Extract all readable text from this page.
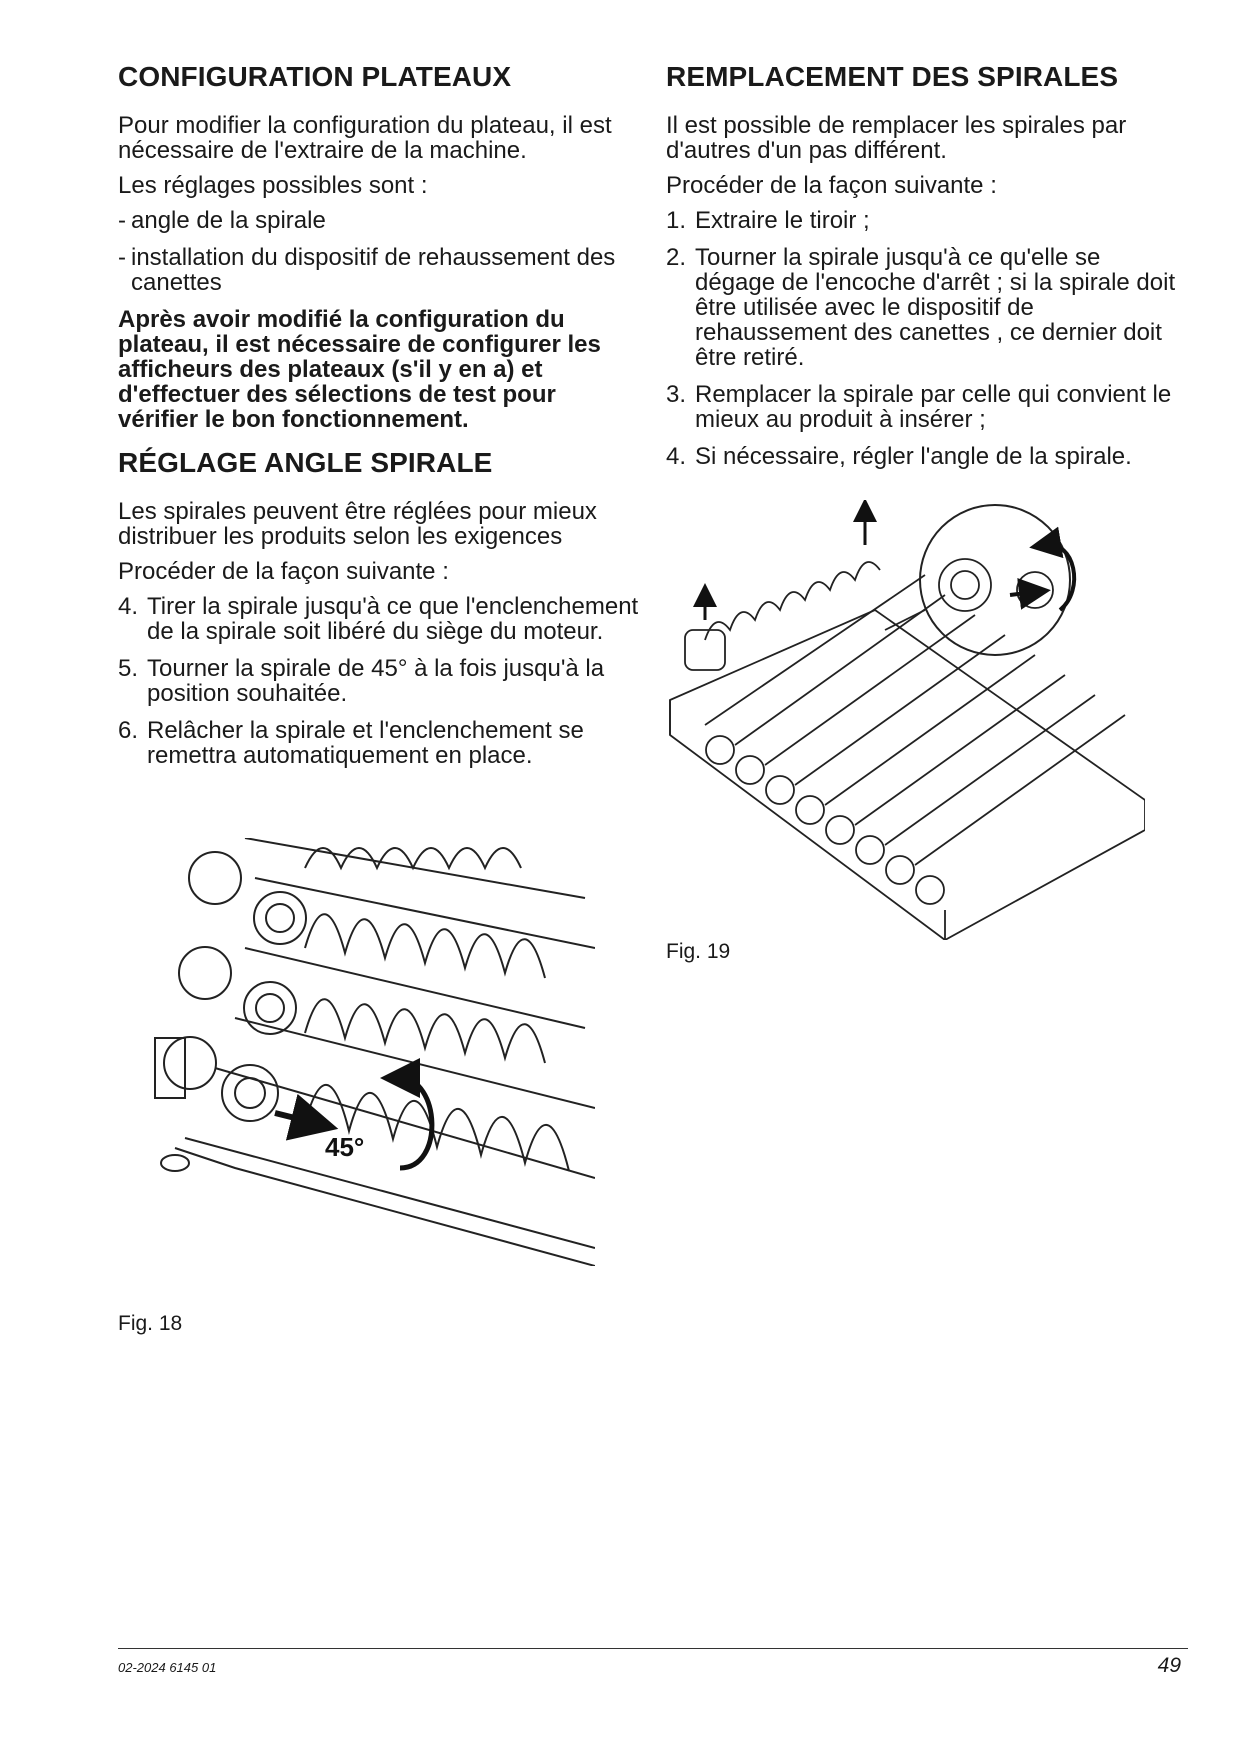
CONFIGURATION PLATEAUX

Pour modifier la configuration du plateau, il est nécessaire de l'extraire de la machine.

Les réglages possibles sont :

- angle de la spirale
- installation du dispositif de rehaussement des canettes

Après avoir modifié la configuration du plateau, il est nécessaire de configurer les afficheurs des plateaux (s'il y en a) et d'effectuer des sélections de test pour vérifier le bon fonctionnement.

RÉGLAGE ANGLE SPIRALE

Les spirales peuvent être réglées pour mieux distribuer les produits selon les exigences

Procéder de la façon suivante :

4. Tirer la spirale jusqu'à ce que l'enclenchement de la spirale soit libéré du siège du moteur.
5. Tourner la spirale de 45° à la fois jusqu'à la position souhaitée.
6. Relâcher la spirale et l'enclenchement se remettra automatiquement en place.
REMPLACEMENT DES SPIRALES

Il est possible de remplacer les spirales par d'autres d'un pas différent.

Procéder de la façon suivante :

1. Extraire le tiroir ;
2. Tourner la spirale jusqu'à ce qu'elle se dégage de l'encoche d'arrêt ; si la spirale doit être utilisée avec le dispositif de rehaussement des canettes , ce dernier doit être retiré.
3. Remplacer la spirale par celle qui convient le mieux au produit à insérer ;
4. Si nécessaire, régler l'angle de la spirale.
45°
Fig. 18
Fig. 19
02-2024 6145 01	49
